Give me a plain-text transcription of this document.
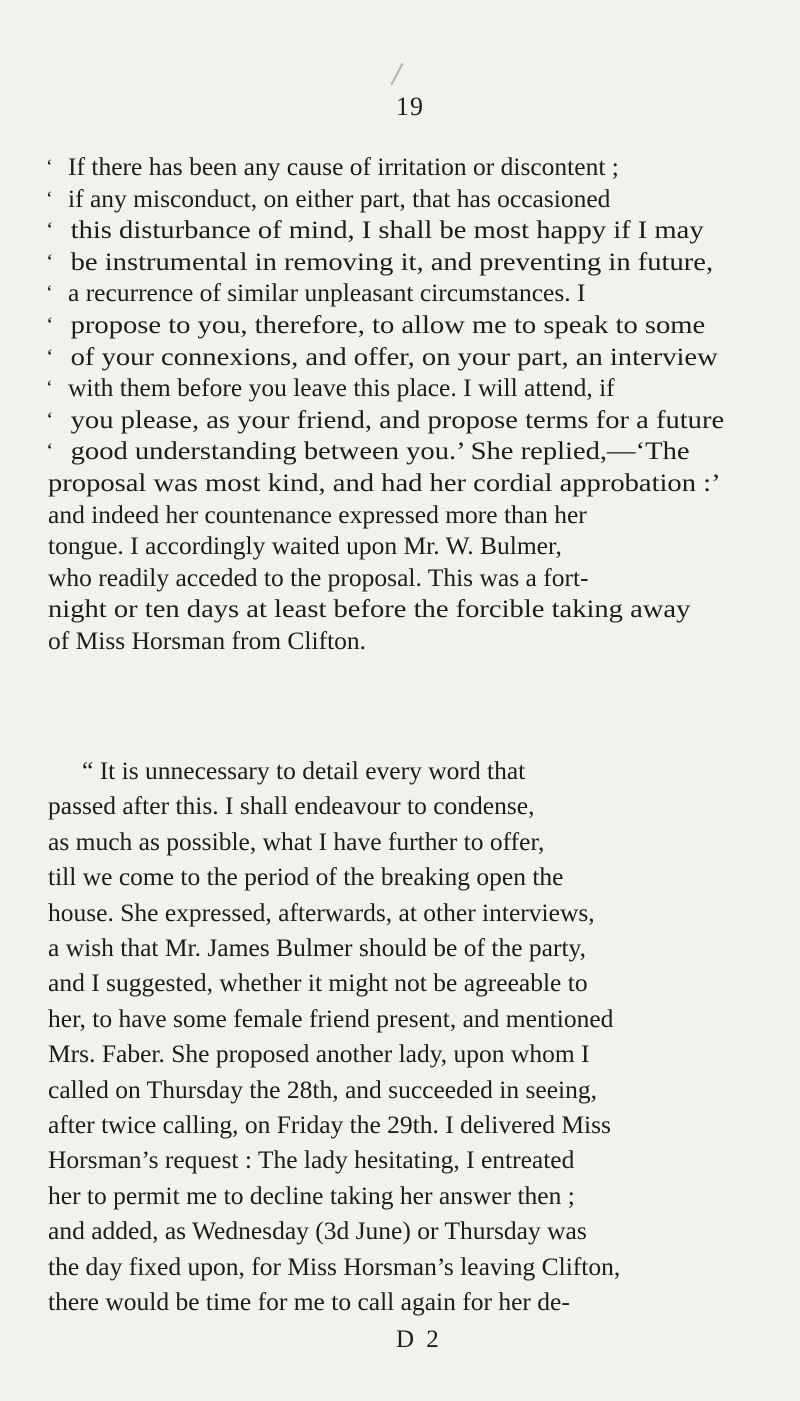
19
‘ If there has been any cause of irritation or discontent ;
‘ if any misconduct, on either part, that has occasioned
‘ this disturbance of mind, I shall be most happy if I may
‘ be instrumental in removing it, and preventing in future,
‘ a recurrence of similar unpleasant circumstances. I
‘ propose to you, therefore, to allow me to speak to some
‘ of your connexions, and offer, on your part, an interview
‘ with them before you leave this place. I will attend, if
‘ you please, as your friend, and propose terms for a future
‘ good understanding between you.’ She replied,—‘The
proposal was most kind, and had her cordial approbation :’
and indeed her countenance expressed more than her
tongue. I accordingly waited upon Mr. W. Bulmer,
who readily acceded to the proposal. This was a fort-
night or ten days at least before the forcible taking away
of Miss Horsman from Clifton.
“ It is unnecessary to detail every word that
passed after this. I shall endeavour to condense,
as much as possible, what I have further to offer,
till we come to the period of the breaking open the
house. She expressed, afterwards, at other interviews,
a wish that Mr. James Bulmer should be of the party,
and I suggested, whether it might not be agreeable to
her, to have some female friend present, and mentioned
Mrs. Faber. She proposed another lady, upon whom I
called on Thursday the 28th, and succeeded in seeing,
after twice calling, on Friday the 29th. I delivered Miss
Horsman’s request : The lady hesitating, I entreated
her to permit me to decline taking her answer then ;
and added, as Wednesday (3d June) or Thursday was
the day fixed upon, for Miss Horsman’s leaving Clifton,
there would be time for me to call again for her de-
D 2
